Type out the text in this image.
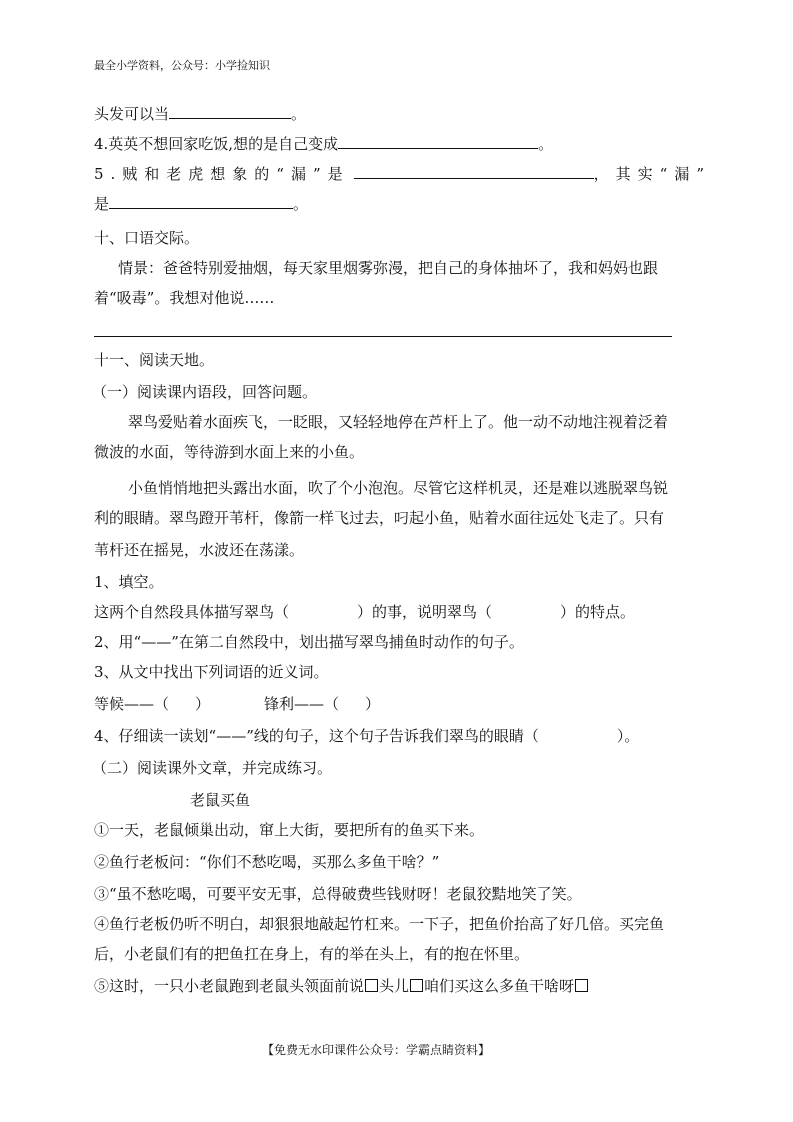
最全小学资料，公众号：小学捡知识
头发可以当	。
4.英英不想回家吃饭,想的是自己变成	。
5.贼和老虎想象的“漏”是	，其实“漏”
是	。
十、口语交际。
情景：爸爸特别爱抽烟，每天家里烟雾弥漫，把自己的身体抽坏了，我和妈妈也跟
着“吸毒”。我想对他说……
十一、阅读天地。
（一）阅读课内语段，回答问题。
翠鸟爱贴着水面疾飞，一眨眼，又轻轻地停在芦杆上了。他一动不动地注视着泛着
微波的水面，等待游到水面上来的小鱼。
小鱼悄悄地把头露出水面，吹了个小泡泡。尽管它这样机灵，还是难以逃脱翠鸟锐
利的眼睛。翠鸟蹬开苇杆，像箭一样飞过去，叼起小鱼，贴着水面往远处飞走了。只有
苇杆还在摇晃，水波还在荡漾。
1、填空。
这两个自然段具体描写翠鸟（	）的事，说明翠鸟（	）的特点。
2、用“——”在第二自然段中，划出描写翠鸟捕鱼时动作的句子。
3、从文中找出下列词语的近义词。
等候——（ ）	锋利——（ ）
4、仔细读一读划“——”线的句子，这个句子告诉我们翠鸟的眼睛（	）。
（二）阅读课外文章，并完成练习。
老鼠买鱼
①一天，老鼠倾巢出动，窜上大街，要把所有的鱼买下来。
②鱼行老板问：“你们不愁吃喝，买那么多鱼干啥？”
③“虽不愁吃喝，可要平安无事，总得破费些钱财呀！老鼠狡黠地笑了笑。
④鱼行老板仍听不明白，却狠狠地敲起竹杠来。一下子，把鱼价抬高了好几倍。买完鱼
后，小老鼠们有的把鱼扛在身上，有的举在头上，有的抱在怀里。
⑤这时，一只小老鼠跑到老鼠头领面前说 头儿 咱们买这么多鱼干啥呀
【免费无水印课件公众号：学霸点睛资料】
